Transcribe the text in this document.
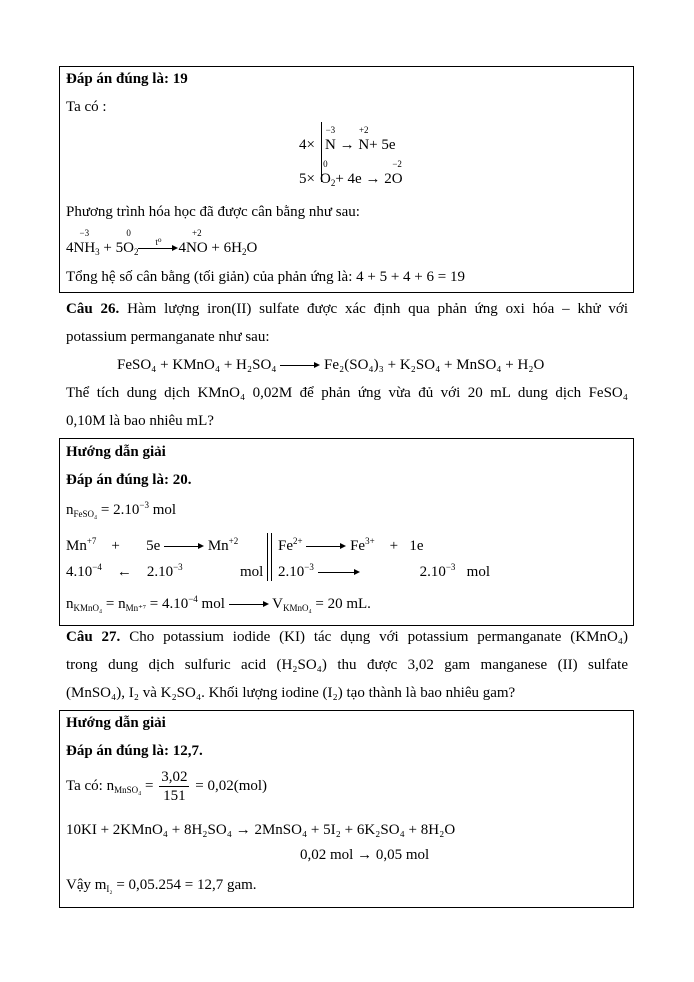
Đáp án đúng là: 19
Ta có :
4×
−3
N →
+2
N+ 5e
5×
0
$O_2+ 4e \to 2$
−2
O
Phương trình hóa học đã được cân bằng như sau:
4
−3
$NH_3 + 5$
0
$O_2$
t⁰	4
+2
NO + $6H_2O$
Tổng hệ số cân bằng (tối giản) của phản ứng là: 4 + 5 + 4 + 6 = 19
Câu 26. Hàm lượng iron(II) sulfate được xác định qua phản ứng oxi hóa – khử với
potassium permanganate như sau:
FeSO₄ + KMnO₄ + H₂SO₄	Fe₂(SO₄)₃ + K₂SO₄ + MnSO₄ + H₂O
Thể tích dung dịch KMnO₄ 0,02M để phản ứng vừa đủ với 20 mL dung dịch FeSO₄
0,10M là bao nhiêu mL?
Hướng dẫn giải
Đáp án đúng là: 20.
$n_{FeSO_4} = 2.10^{-3}$ mol
$Mn^{+7} + 5e$	$Mn^{+2}$	$Fe^{2+}$	$Fe^{3+} + 1e$
$4.10^{-4}$ ← $2.10^{-3}$	mol $2.10^{-3}$	$2.10^{-3}$ mol
$n_{KMnO_4} = n_{Mn^{+7}} = 4.10^{-4}$ mol	$V_{KMnO_4} = 20$ mL.
Câu 27. Cho potassium iodide (KI) tác dụng với potassium permanganate (KMnO₄)
trong dung dịch sulfuric acid (H₂SO₄) thu được 3,02 gam manganese (II) sulfate
(MnSO₄), I₂ và K₂SO₄. Khối lượng iodine (I₂) tạo thành là bao nhiêu gam?
Hướng dẫn giải
Đáp án đúng là: 12,7.
Ta có: $n_{MnSO_4} = \frac{3,02}{151} = 0,02(mol)$
10KI + 2KMnO₄ + 8H₂SO₄ → 2MnSO₄ + 5I₂ + 6K₂SO₄ + 8H₂O
0,02 mol → 0,05 mol
Vậy $m_{I_2} = 0,05.254 = 12,7$ gam.
